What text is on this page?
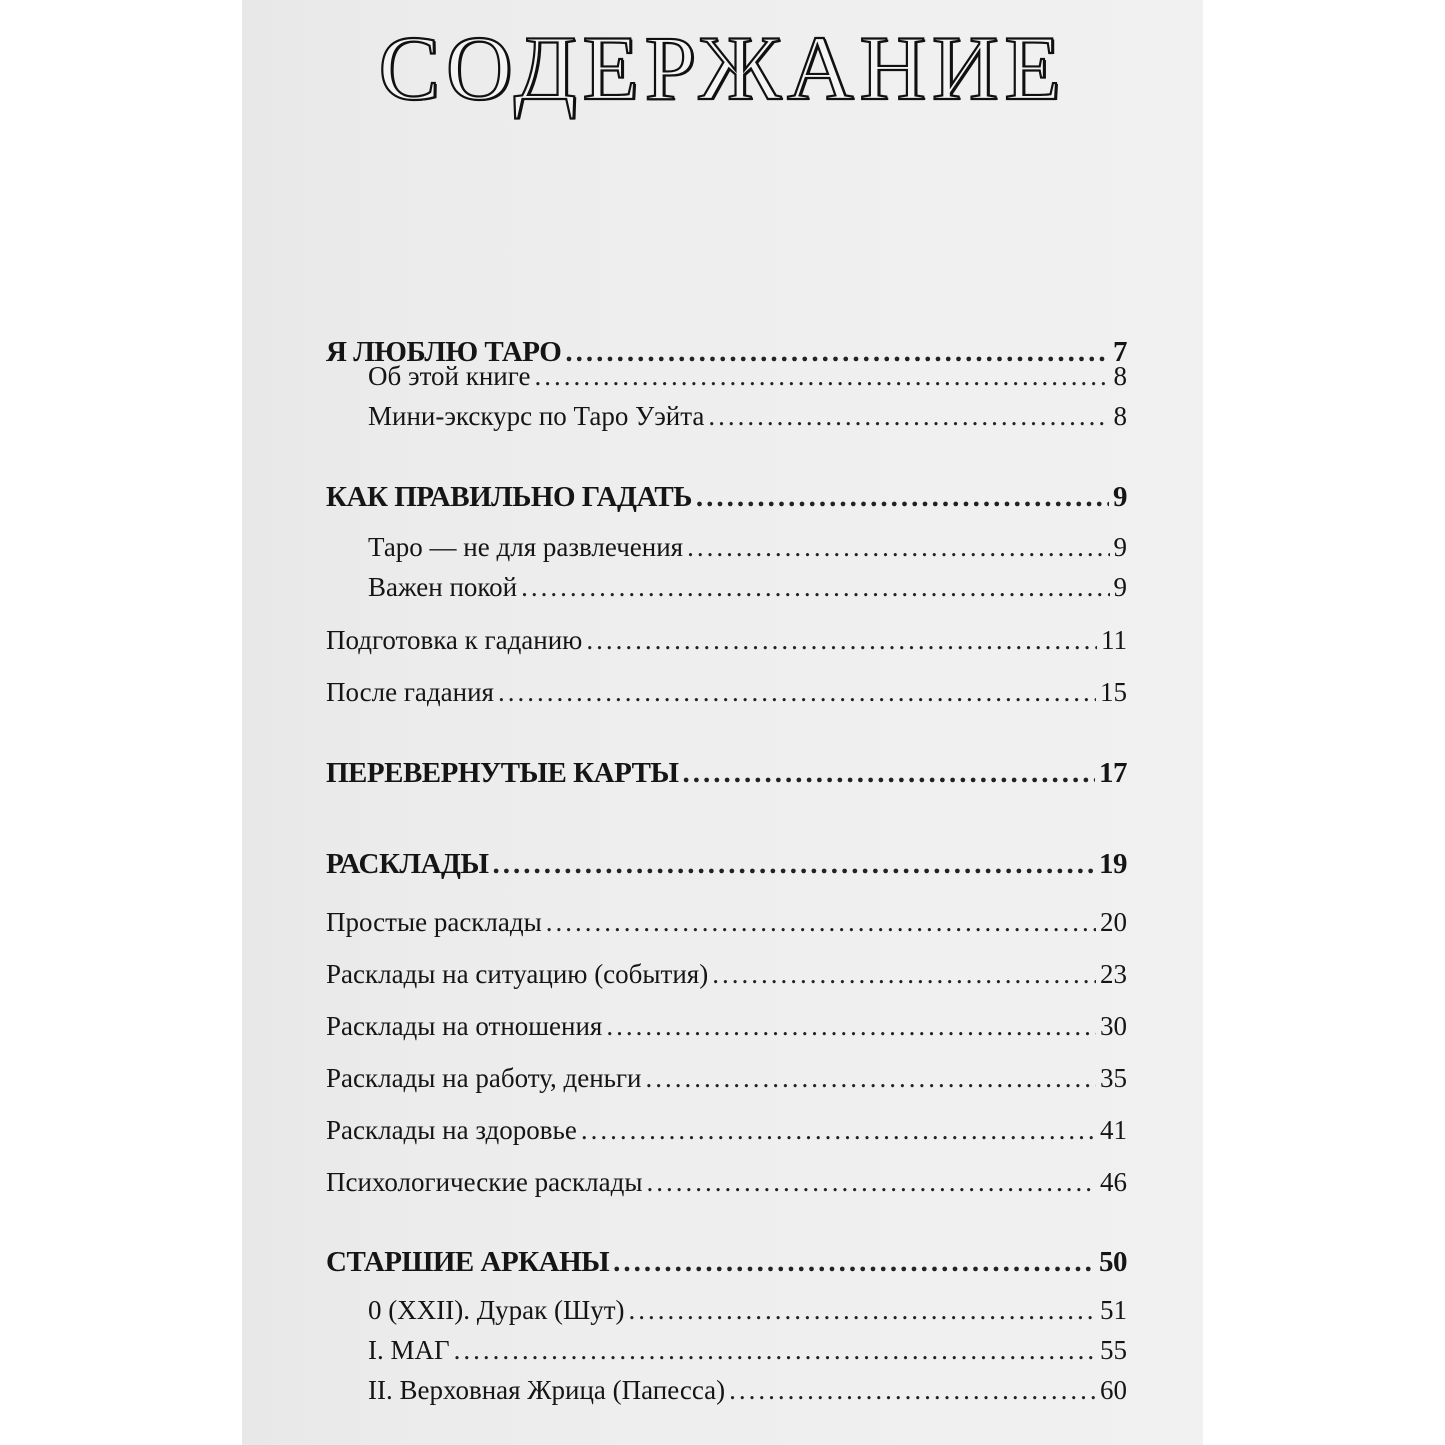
СОДЕРЖАНИЕ
Я ЛЮБЛЮ ТАРО .....	7
Об этой книге .....	8
Мини-экскурс по Таро Уэйта .....	8
КАК ПРАВИЛЬНО ГАДАТЬ .....	9
Таро — не для развлечения .....	9
Важен покой .....	9
Подготовка к гаданию .....	11
После гадания .....	15
ПЕРЕВЕРНУТЫЕ КАРТЫ .....	17
РАСКЛАДЫ .....	19
Простые расклады .....	20
Расклады на ситуацию (события) .....	23
Расклады на отношения .....	30
Расклады на работу, деньги .....	35
Расклады на здоровье .....	41
Психологические расклады .....	46
СТАРШИЕ АРКАНЫ .....	50
0 (XXII). Дурак (Шут) .....	51
I. МАГ .....	55
II. Верховная Жрица (Папесса) .....	60
